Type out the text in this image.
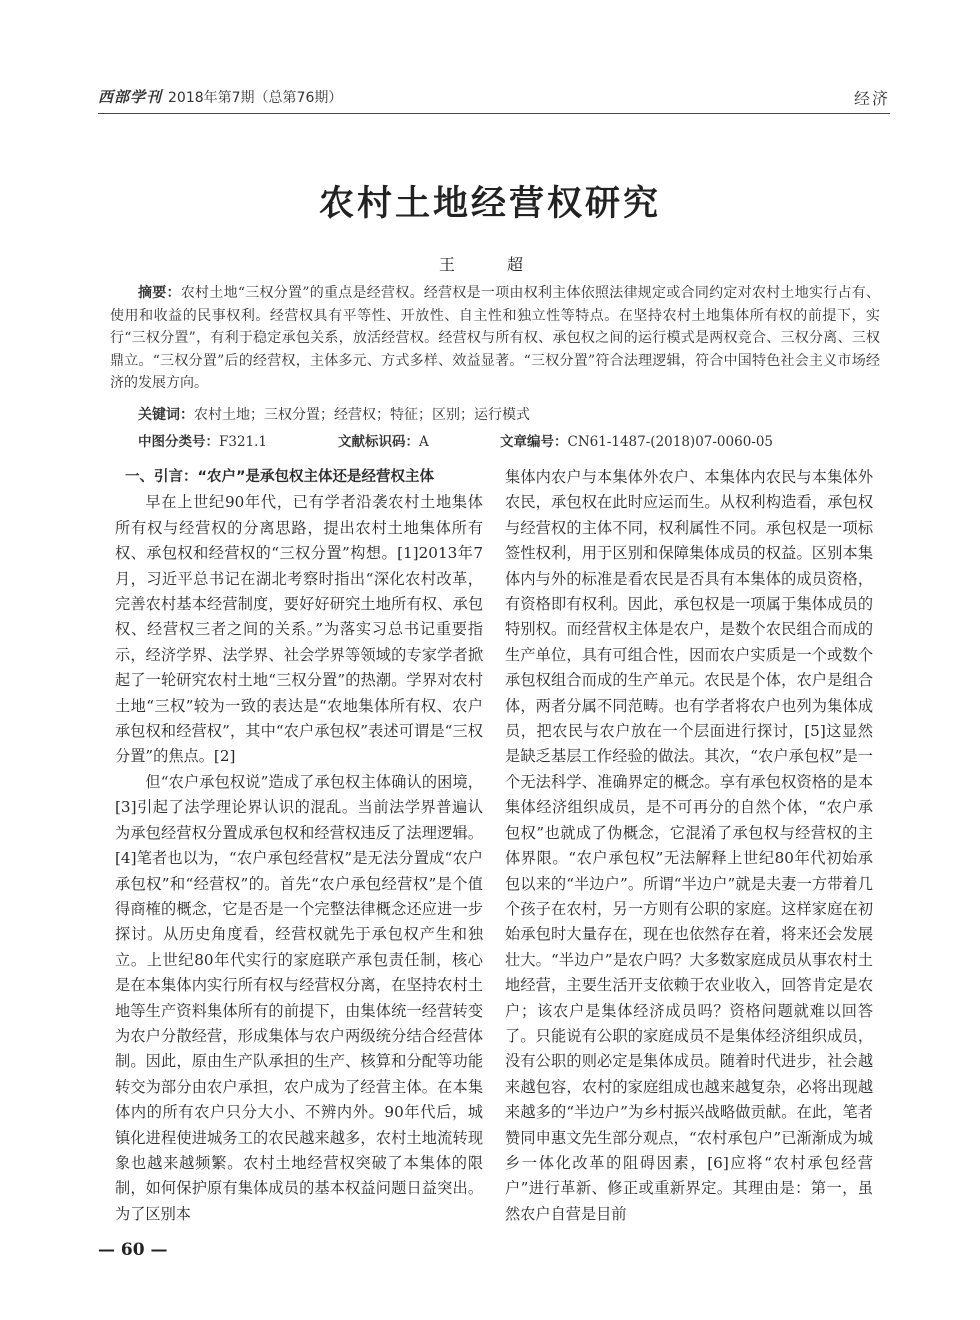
西部学刊 2018年第7期（总第76期）	经济
农村土地经营权研究
王　超

摘要：农村土地“三权分置”的重点是经营权。经营权是一项由权利主体依照法律规定或合同约定对农村土地实行占有、使用和收益的民事权利。经营权具有平等性、开放性、自主性和独立性等特点。在坚持农村土地集体所有权的前提下，实行“三权分置”，有利于稳定承包关系，放活经营权。经营权与所有权、承包权之间的运行模式是两权竞合、三权分离、三权鼎立。“三权分置”后的经营权，主体多元、方式多样、效益显著。“三权分置”符合法理逻辑，符合中国特色社会主义市场经济的发展方向。

关键词：农村土地；三权分置；经营权；特征；区别；运行模式
中图分类号：F321.1	文献标识码：A	文章编号：CN61-1487-(2018)07-0060-05

一、引言：“农户”是承包权主体还是经营权主体

早在上世纪90年代，已有学者沿袭农村土地集体所有权与经营权的分离思路，提出农村土地集体所有权、承包权和经营权的“三权分置”构想。[1]2013年7月，习近平总书记在湖北考察时指出“深化农村改革，完善农村基本经营制度，要好好研究土地所有权、承包权、经营权三者之间的关系。”为落实习总书记重要指示，经济学界、法学界、社会学界等领域的专家学者掀起了一轮研究农村土地“三权分置”的热潮。学界对农村土地“三权”较为一致的表达是“农地集体所有权、农户承包权和经营权”，其中“农户承包权”表述可谓是“三权分置”的焦点。[2]

但“农户承包权说”造成了承包权主体确认的困境，[3]引起了法学理论界认识的混乱。当前法学界普遍认为承包经营权分置成承包权和经营权违反了法理逻辑。[4]笔者也以为，“农户承包经营权”是无法分置成“农户承包权”和“经营权”的。首先“农户承包经营权”是个值得商榷的概念，它是否是一个完整法律概念还应进一步探讨。从历史角度看，经营权就先于承包权产生和独立。上世纪80年代实行的家庭联产承包责任制，核心是在本集体内实行所有权与经营权分离，在坚持农村土地等生产资料集体所有的前提下，由集体统一经营转变为农户分散经营，形成集体与农户两级统分结合经营体制。因此，原由生产队承担的生产、核算和分配等功能转交为部分由农户承担，农户成为了经营主体。在本集体内的所有农户只分大小、不辨内外。90年代后，城镇化进程使进城务工的农民越来越多，农村土地流转现象也越来越频繁。农村土地经营权突破了本集体的限制，如何保护原有集体成员的基本权益问题日益突出。为了区别本

集体内农户与本集体外农户、本集体内农民与本集体外农民，承包权在此时应运而生。从权利构造看，承包权与经营权的主体不同，权利属性不同。承包权是一项标签性权利，用于区别和保障集体成员的权益。区别本集体内与外的标准是看农民是否具有本集体的成员资格，有资格即有权利。因此，承包权是一项属于集体成员的特别权。而经营权主体是农户，是数个农民组合而成的生产单位，具有可组合性，因而农户实质是一个或数个承包权组合而成的生产单元。农民是个体，农户是组合体，两者分属不同范畴。也有学者将农户也列为集体成员，把农民与农户放在一个层面进行探讨，[5]这显然是缺乏基层工作经验的做法。其次，“农户承包权”是一个无法科学、准确界定的概念。享有承包权资格的是本集体经济组织成员，是不可再分的自然个体，“农户承包权”也就成了伪概念，它混淆了承包权与经营权的主体界限。“农户承包权”无法解释上世纪80年代初始承包以来的“半边户”。所谓“半边户”就是夫妻一方带着几个孩子在农村，另一方则有公职的家庭。这样家庭在初始承包时大量存在，现在也依然存在着，将来还会发展壮大。“半边户”是农户吗？大多数家庭成员从事农村土地经营，主要生活开支依赖于农业收入，回答肯定是农户；该农户是集体经济成员吗？资格问题就难以回答了。只能说有公职的家庭成员不是集体经济组织成员，没有公职的则必定是集体成员。随着时代进步，社会越来越包容，农村的家庭组成也越来越复杂，必将出现越来越多的“半边户”为乡村振兴战略做贡献。在此，笔者赞同申惠文先生部分观点，“农村承包户”已渐渐成为城乡一体化改革的阻碍因素，[6]应将“农村承包经营户”进行革新、修正或重新界定。其理由是：第一，虽然农户自营是目前

— 60 —
